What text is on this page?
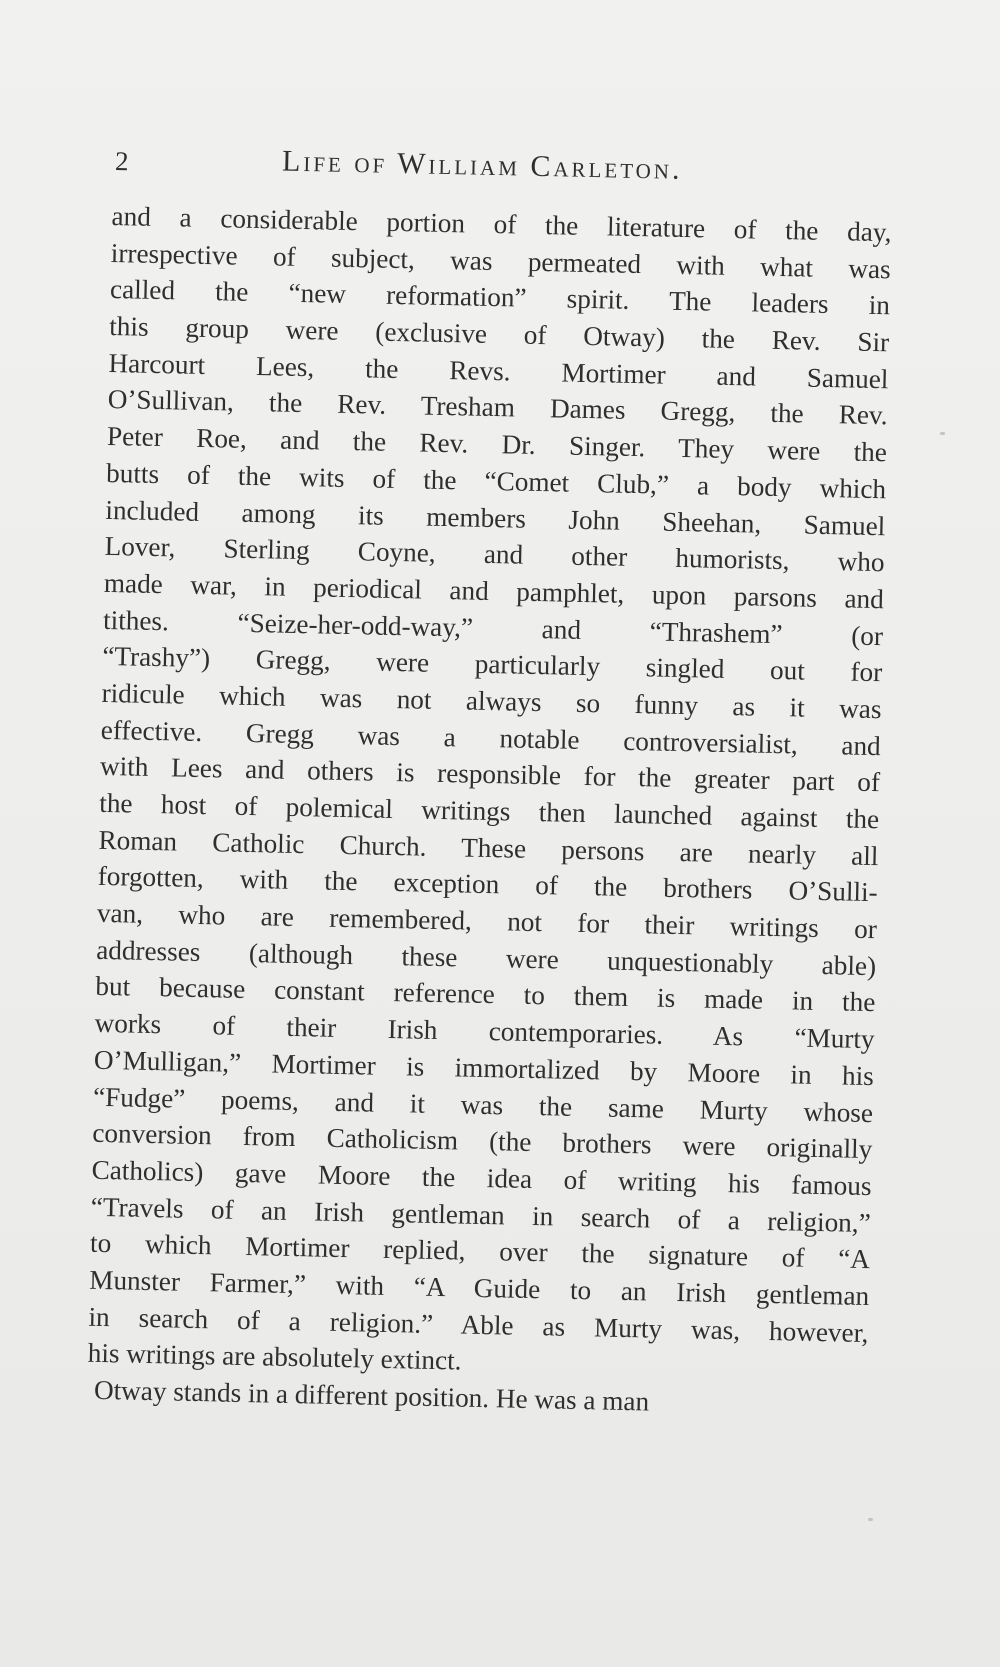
2	Life of William Carleton.
and a considerable portion of the literature of the day,
irrespective of subject, was permeated with what was
called the “new reformation” spirit. The leaders in
this group were (exclusive of Otway) the Rev. Sir
Harcourt Lees, the Revs. Mortimer and Samuel
O’Sullivan, the Rev. Tresham Dames Gregg, the Rev.
Peter Roe, and the Rev. Dr. Singer. They were the
butts of the wits of the “Comet Club,” a body which
included among its members John Sheehan, Samuel
Lover, Sterling Coyne, and other humorists, who
made war, in periodical and pamphlet, upon parsons and
tithes. “Seize-her-odd-way,” and “Thrashem” (or
“Trashy”) Gregg, were particularly singled out for
ridicule which was not always so funny as it was
effective. Gregg was a notable controversialist, and
with Lees and others is responsible for the greater part of
the host of polemical writings then launched against the
Roman Catholic Church. These persons are nearly all
forgotten, with the exception of the brothers O’Sulli-
van, who are remembered, not for their writings or
addresses (although these were unquestionably able)
but because constant reference to them is made in the
works of their Irish contemporaries. As “Murty
O’Mulligan,” Mortimer is immortalized by Moore in his
“Fudge” poems, and it was the same Murty whose
conversion from Catholicism (the brothers were originally
Catholics) gave Moore the idea of writing his famous
“Travels of an Irish gentleman in search of a religion,”
to which Mortimer replied, over the signature of “A
Munster Farmer,” with “A Guide to an Irish gentleman
in search of a religion.” Able as Murty was, however,
his writings are absolutely extinct.
Otway stands in a different position. He was a man
